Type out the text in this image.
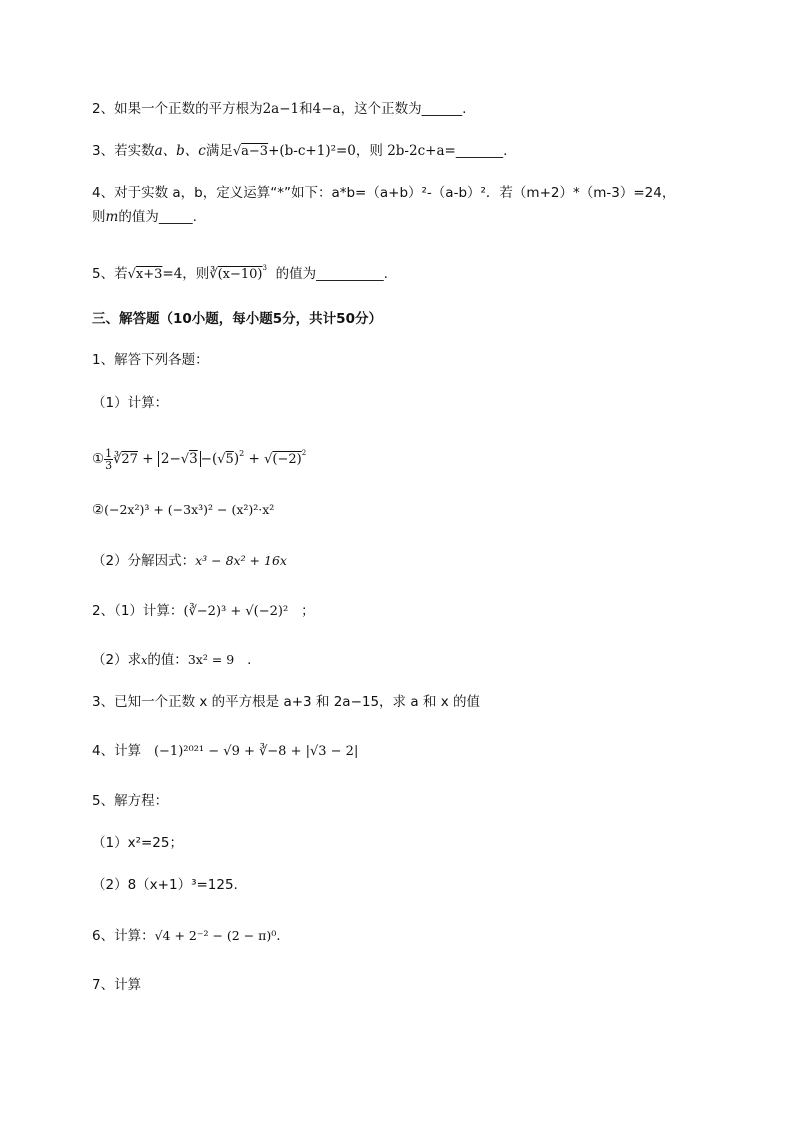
2、如果一个正数的平方根为2a−1和4−a，这个正数为______.
3、若实数a、b、c满足√a−3+(b-c+1)²=0，则 2b-2c+a=_______.
4、对于实数 a，b，定义运算“*”如下：a*b=（a+b）²-（a-b）²．若（m+2）*（m-3）=24，
则m的值为_____.
5、若√x+3=4，则$∛(x-10)^3$ 的值为__________.
三、解答题（10小题，每小题5分，共计50分）
1、解答下列各题：
（1）计算：
① $\frac{1}{3}$ ∛27 + $2-√3 -(√5)^2 + √(-2)^2$
②(−2x²)³ + (−3x³)² − (x²)²·x²
（2）分解因式：x³ − 8x² + 16x
2、（1）计算：(∛−2)³ + √(−2)² ；
（2）求x的值：3x² = 9 .
3、已知一个正数 x 的平方根是 a+3 和 2a−15，求 a 和 x 的值
4、计算 (−1)²⁰²¹ − √9 + ∛−8 + |√3 − 2|
5、解方程：
（1）x²=25；
（2）8（x+1）³=125.
6、计算：√4 + 2⁻² − (2 − π)⁰.
7、计算
